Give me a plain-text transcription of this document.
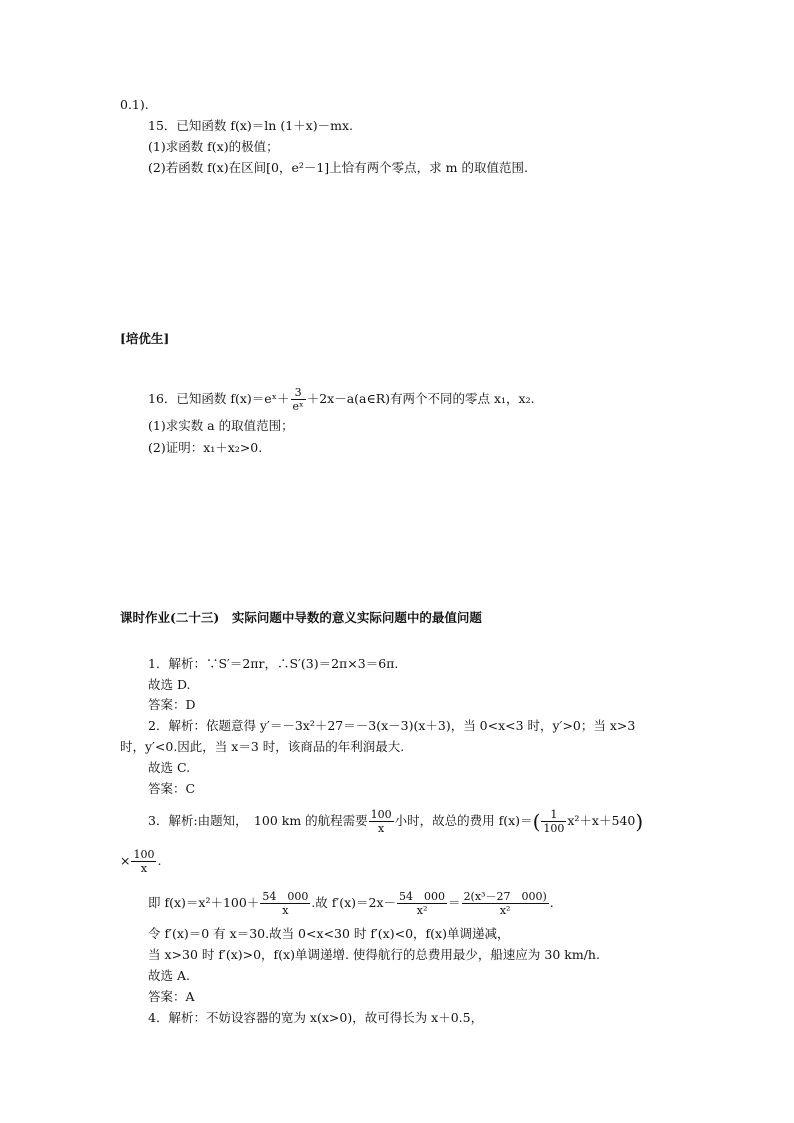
0.1).
15．已知函数 f(x)＝ln (1＋x)－mx.
(1)求函数 f(x)的极值；
(2)若函数 f(x)在区间[0，e²－1]上恰有两个零点，求 m 的取值范围.
[培优生]
16．已知函数 f(x)＝eˣ＋ $\frac{3}{\text{eˣ}}$ ＋2x－a(a∈R)有两个不同的零点 x₁，x₂.
(1)求实数 a 的取值范围；
(2)证明：x₁＋x₂>0.
课时作业(二十三)　实际问题中导数的意义实际问题中的最值问题
1．解析：∵S′＝2πr，∴S′(3)＝2π×3＝6π.
故选 D.
答案：D
2．解析：依题意得 y′＝－3x²＋27＝－3(x－3)(x＋3)，当 0<x<3 时，y′>0；当 x>3
时，y′<0.因此，当 x＝3 时，该商品的年利润最大.
故选 C.
答案：C
3．解析:由题知，　100 km 的航程需要 $\frac{100}{x}$ 小时，故总的费用 $f(x)=( \frac{1}{100} x^2+x+540)$
× $\frac{100}{x}$ .
即 $f(x)=x^2+100+ \frac{54 000}{x}$ .故 $f'(x)=2x- \frac{54 000}{\text{x²}} = \frac{\text{2(x³－27　000)}}{\text{x²}}$ .
令 f′(x)＝0 有 x＝30.故当 0<x<30 时 f′(x)<0，f(x)单调递减，
当 x>30 时 f′(x)>0，f(x)单调递增. 使得航行的总费用最少，船速应为 30 km/h.
故选 A.
答案：A
4．解析：不妨设容器的宽为 x(x>0)，故可得长为 x＋0.5，
